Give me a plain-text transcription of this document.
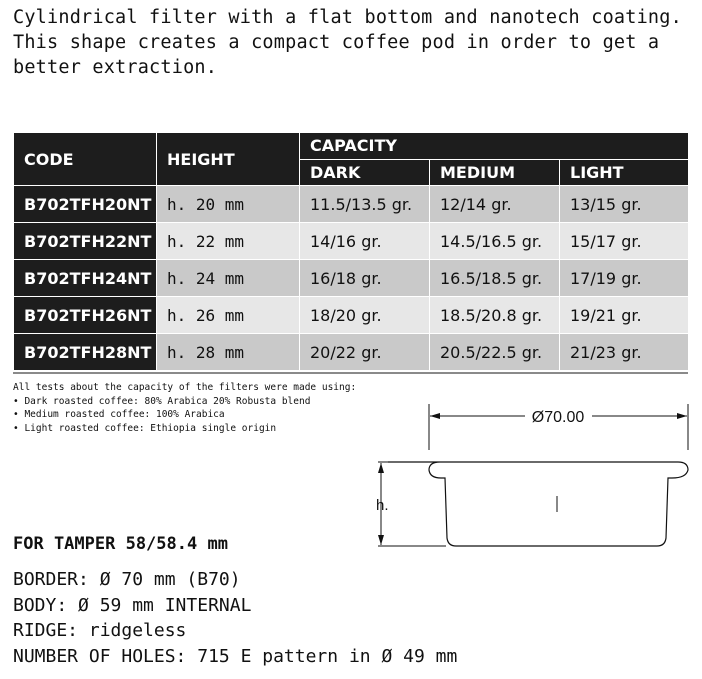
Cylindrical filter with a flat bottom and nanotech coating.
This shape creates a compact coffee pod in order to get a
better extraction.
CODE	HEIGHT	CAPACITY		
		DARK	MEDIUM	LIGHT
B702TFH20NT	h. 20 mm	11.5/13.5 gr.	12/14 gr.	13/15 gr.
B702TFH22NT	h. 22 mm	14/16 gr.	14.5/16.5 gr.	15/17 gr.
B702TFH24NT	h. 24 mm	16/18 gr.	16.5/18.5 gr.	17/19 gr.
B702TFH26NT	h. 26 mm	18/20 gr.	18.5/20.8 gr.	19/21 gr.
B702TFH28NT	h. 28 mm	20/22 gr.	20.5/22.5 gr.	21/23 gr.
All tests about the capacity of the filters were made using:
• Dark roasted coffee: 80% Arabica 20% Robusta blend
• Medium roasted coffee: 100% Arabica
• Light roasted coffee: Ethiopia single origin
Ø70.00
h.
FOR TAMPER 58/58.4 mm
BORDER: Ø 70 mm (B70)
BODY: Ø 59 mm INTERNAL
RIDGE: ridgeless
NUMBER OF HOLES: 715 E pattern in Ø 49 mm
